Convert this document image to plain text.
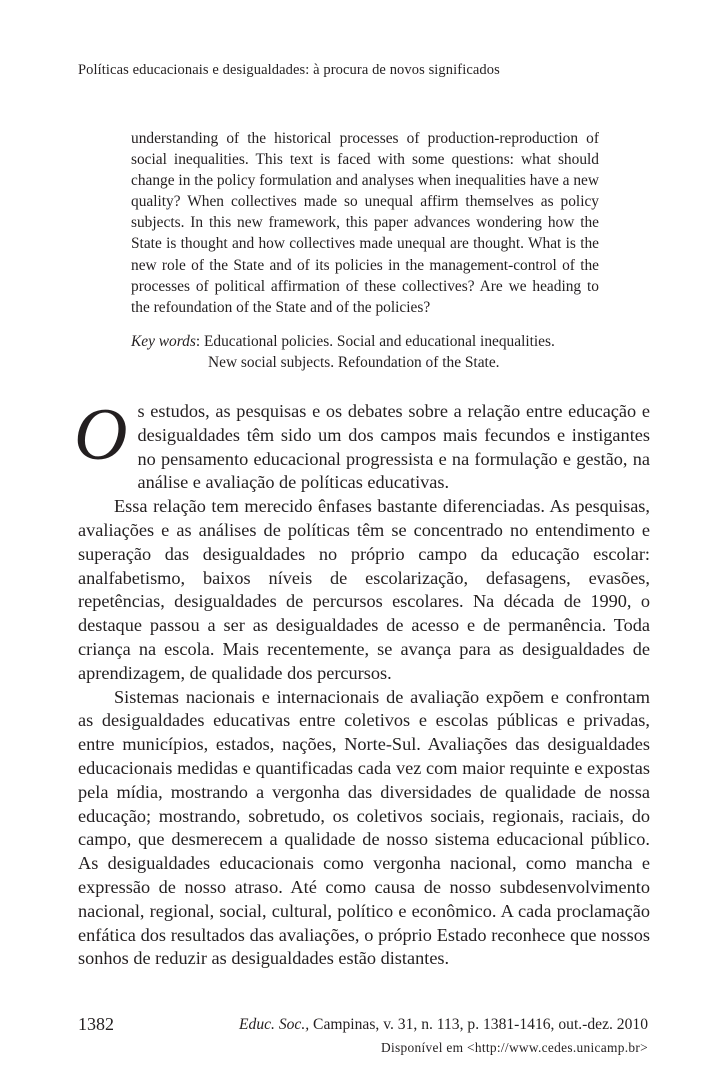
Políticas educacionais e desigualdades: à procura de novos significados

understanding of the historical processes of production-reproduction of social inequalities. This text is faced with some questions: what should change in the policy formulation and analyses when inequalities have a new quality? When collectives made so unequal affirm themselves as policy subjects. In this new framework, this paper advances wondering how the State is thought and how collectives made unequal are thought. What is the new role of the State and of its policies in the management-control of the processes of political affirmation of these collectives? Are we heading to the refoundation of the State and of the policies?

Key words : Educational policies. Social and educational inequalities.
New social subjects. Refoundation of the State.

Os estudos, as pesquisas e os debates sobre a relação entre educação e desigualdades têm sido um dos campos mais fecundos e instigantes no pensamento educacional progressista e na formulação e gestão, na análise e avaliação de políticas educativas.

Essa relação tem merecido ênfases bastante diferenciadas. As pesquisas, avaliações e as análises de políticas têm se concentrado no entendimento e superação das desigualdades no próprio campo da educação escolar: analfabetismo, baixos níveis de escolarização, defasagens, evasões, repetências, desigualdades de percursos escolares. Na década de 1990, o destaque passou a ser as desigualdades de acesso e de permanência. Toda criança na escola. Mais recentemente, se avança para as desigualdades de aprendizagem, de qualidade dos percursos.

Sistemas nacionais e internacionais de avaliação expõem e confrontam as desigualdades educativas entre coletivos e escolas públicas e privadas, entre municípios, estados, nações, Norte-Sul. Avaliações das desigualdades educacionais medidas e quantificadas cada vez com maior requinte e expostas pela mídia, mostrando a vergonha das diversidades de qualidade de nossa educação; mostrando, sobretudo, os coletivos sociais, regionais, raciais, do campo, que desmerecem a qualidade de nosso sistema educacional público. As desigualdades educacionais como vergonha nacional, como mancha e expressão de nosso atraso. Até como causa de nosso subdesenvolvimento nacional, regional, social, cultural, político e econômico. A cada proclamação enfática dos resultados das avaliações, o próprio Estado reconhece que nossos sonhos de reduzir as desigualdades estão distantes.

1382	Educ. Soc., Campinas, v. 31, n. 113, p. 1381-1416, out.-dez. 2010
Disponível em <http://www.cedes.unicamp.br>
